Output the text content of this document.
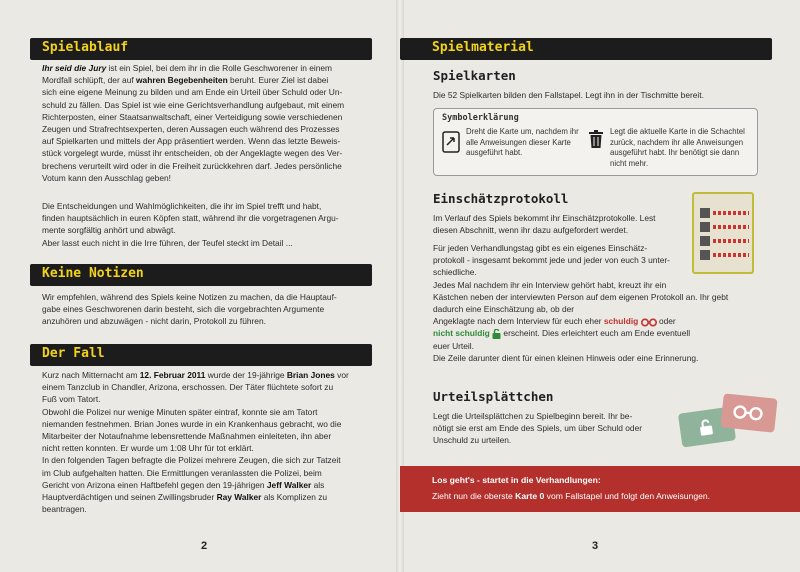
Spielablauf
Ihr seid die Jury ist ein Spiel, bei dem ihr in die Rolle Geschworener in einem
Mordfall schlüpft, der auf wahren Begebenheiten beruht. Eurer Ziel ist dabei
sich eine eigene Meinung zu bilden und am Ende ein Urteil über Schuld oder Un-
schuld zu fällen. Das Spiel ist wie eine Gerichtsverhandlung aufgebaut, mit einem
Richterposten, einer Staatsanwaltschaft, einer Verteidigung sowie verschiedenen
Zeugen und Strafrechtsexperten, deren Aussagen euch während des Prozesses
auf Spielkarten und mittels der App präsentiert werden. Wenn das letzte Beweis-
stück vorgelegt wurde, müsst ihr entscheiden, ob der Angeklagte wegen des Ver-
brechens verurteilt wird oder in die Freiheit zurückkehren darf. Jedes persönliche
Votum kann den Ausschlag geben!
Die Entscheidungen und Wahlmöglichkeiten, die ihr im Spiel trefft und habt,
finden hauptsächlich in euren Köpfen statt, während ihr die vorgetragenen Argu-
mente sorgfältig anhört und abwägt.
Aber lasst euch nicht in die Irre führen, der Teufel steckt im Detail ...
Keine Notizen
Wir empfehlen, während des Spiels keine Notizen zu machen, da die Hauptauf-
gabe eines Geschworenen darin besteht, sich die vorgebrachten Argumente
anzuhören und abzuwägen - nicht darin, Protokoll zu führen.
Der Fall
Kurz nach Mitternacht am 12. Februar 2011 wurde der 19-jährige Brian Jones vor
einem Tanzclub in Chandler, Arizona, erschossen. Der Täter flüchtete sofort zu
Fuß vom Tatort.
Obwohl die Polizei nur wenige Minuten später eintraf, konnte sie am Tatort
niemanden festnehmen. Brian Jones wurde in ein Krankenhaus gebracht, wo die
Mitarbeiter der Notaufnahme lebensrettende Maßnahmen einleiteten, ihn aber
nicht retten konnten. Er wurde um 1:08 Uhr für tot erklärt.
In den folgenden Tagen befragte die Polizei mehrere Zeugen, die sich zur Tatzeit
im Club aufgehalten hatten. Die Ermittlungen veranlassten die Polizei, beim
Gericht von Arizona einen Haftbefehl gegen den 19-jährigen Jeff Walker als
Hauptverdächtigen und seinen Zwillingsbruder Ray Walker als Komplizen zu
beantragen.
2
Spielmaterial
Spielkarten
Die 52 Spielkarten bilden den Fallstapel. Legt ihn in der Tischmitte bereit.
Symbolerklärung
Dreht die Karte um, nachdem ihr
alle Anweisungen dieser Karte
ausgeführt habt.
Legt die aktuelle Karte in die Schachtel
zurück, nachdem ihr alle Anweisungen
ausgeführt habt. Ihr benötigt sie dann
nicht mehr.
Einschätzprotokoll
Im Verlauf des Spiels bekommt ihr Einschätzprotokolle. Lest
diesen Abschnitt, wenn ihr dazu aufgefordert werdet.
Für jeden Verhandlungstag gibt es ein eigenes Einschätz-
protokoll - insgesamt bekommt jede und jeder von euch 3 unter-
schiedliche.
Jedes Mal nachdem ihr ein Interview gehört habt, kreuzt ihr ein
Kästchen neben der interviewten Person auf dem eigenen Protokoll an. Ihr gebt
dadurch eine Einschätzung ab, ob der
Angeklagte nach dem Interview für euch eher schuldig  oder
nicht schuldig  erscheint. Dies erleichtert euch am Ende eventuell
euer Urteil.
Die Zeile darunter dient für einen kleinen Hinweis oder eine Erinnerung.
Urteilsplättchen
Legt die Urteilsplättchen zu Spielbeginn bereit. Ihr be-
nötigt sie erst am Ende des Spiels, um über Schuld oder
Unschuld zu urteilen.
Los geht's - startet in die Verhandlungen:
Zieht nun die oberste Karte 0 vom Fallstapel und folgt den Anweisungen.
3
